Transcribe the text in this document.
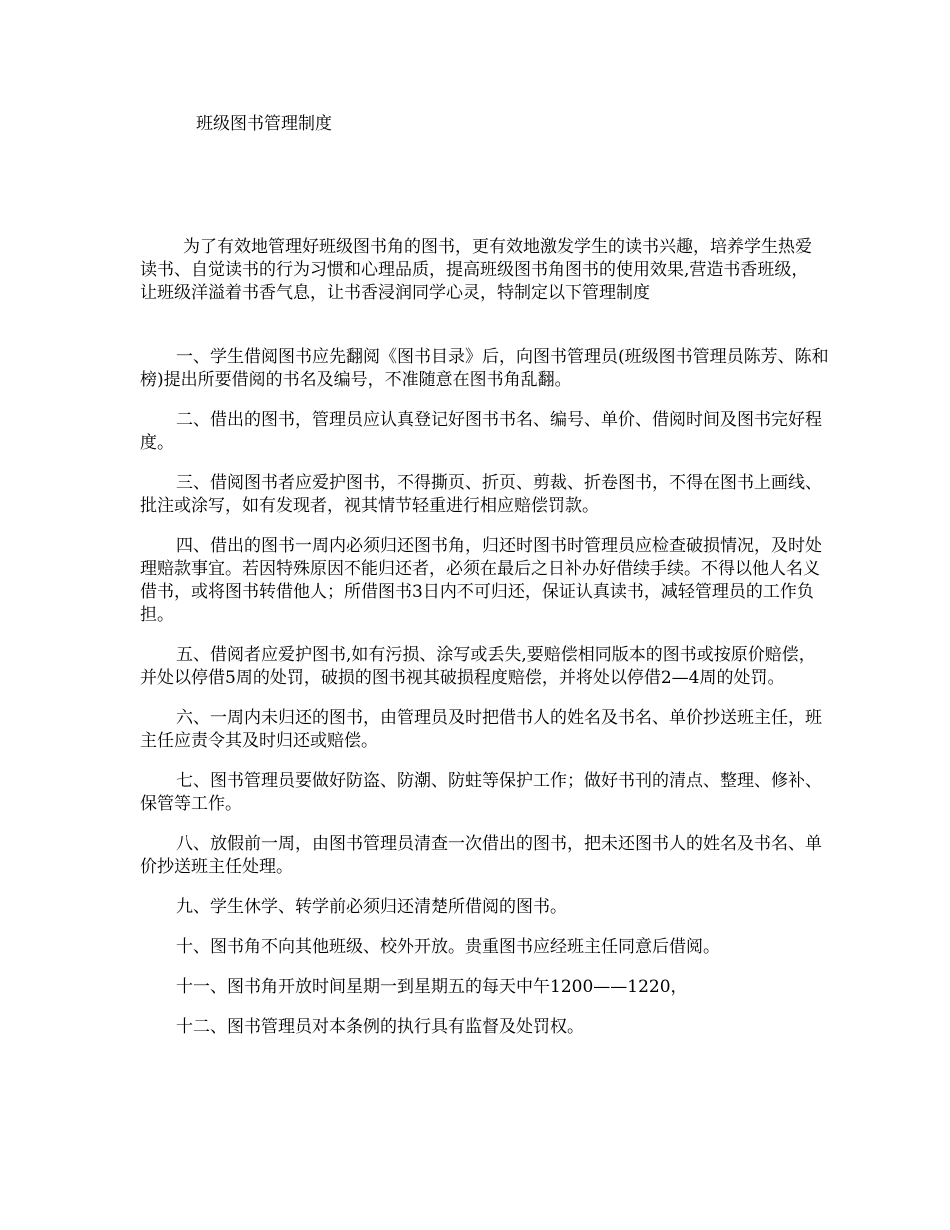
班级图书管理制度

为了有效地管理好班级图书角的图书，更有效地激发学生的读书兴趣，培养学生热爱读书、自觉读书的行为习惯和心理品质，提高班级图书角图书的使用效果,营造书香班级，让班级洋溢着书香气息，让书香浸润同学心灵，特制定以下管理制度

一、学生借阅图书应先翻阅《图书目录》后，向图书管理员(班级图书管理员陈芳、陈和榜)提出所要借阅的书名及编号，不准随意在图书角乱翻。
二、借出的图书，管理员应认真登记好图书书名、编号、单价、借阅时间及图书完好程度。
三、借阅图书者应爱护图书，不得撕页、折页、剪裁、折卷图书，不得在图书上画线、批注或涂写，如有发现者，视其情节轻重进行相应赔偿罚款。
四、借出的图书一周内必须归还图书角，归还时图书时管理员应检查破损情况，及时处理赔款事宜。若因特殊原因不能归还者，必须在最后之日补办好借续手续。不得以他人名义借书，或将图书转借他人；所借图书3日内不可归还，保证认真读书，减轻管理员的工作负担。
五、借阅者应爱护图书,如有污损、涂写或丢失,要赔偿相同版本的图书或按原价赔偿，并处以停借5周的处罚，破损的图书视其破损程度赔偿，并将处以停借2—4周的处罚。
六、一周内未归还的图书，由管理员及时把借书人的姓名及书名、单价抄送班主任，班主任应责令其及时归还或赔偿。
七、图书管理员要做好防盗、防潮、防蛀等保护工作；做好书刊的清点、整理、修补、保管等工作。
八、放假前一周，由图书管理员清查一次借出的图书，把未还图书人的姓名及书名、单价抄送班主任处理。
九、学生休学、转学前必须归还清楚所借阅的图书。
十、图书角不向其他班级、校外开放。贵重图书应经班主任同意后借阅。
十一、图书角开放时间星期一到星期五的每天中午1200——1220，
十二、图书管理员对本条例的执行具有监督及处罚权。
